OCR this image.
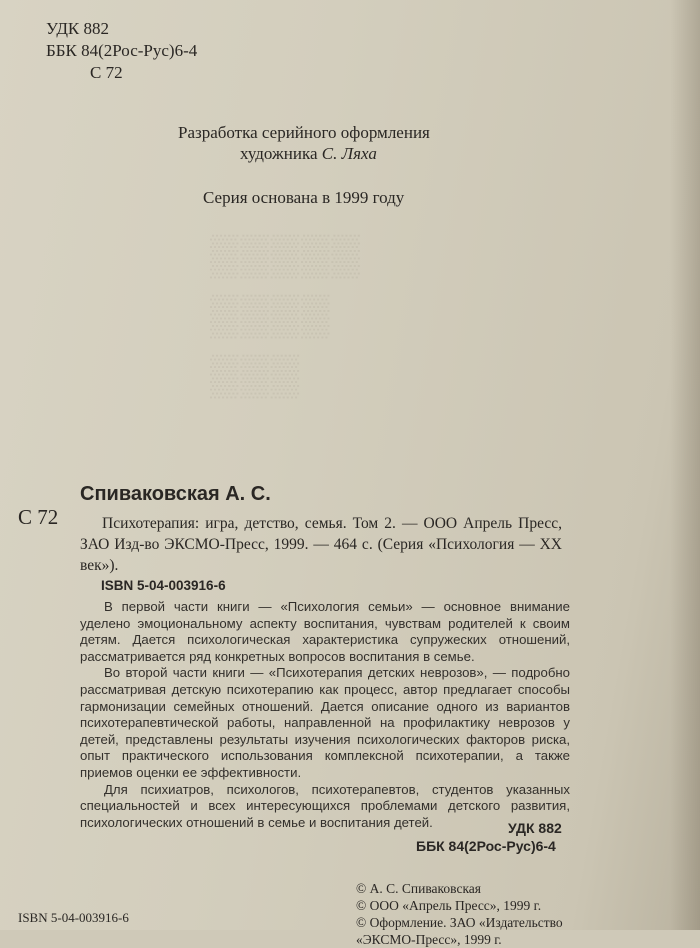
▒▒▒▒▒
▒▒▒▒
▒▒▒
УДК 882
ББК 84(2Рос-Рус)6-4
С 72
Разработка серийного оформления
художника С. Ляха
Серия основана в 1999 году
С 72
Спиваковская А. С.

Психотерапия: игра, детство, семья. Том 2. — ООО Апрель Пресс, ЗАО Изд-во ЭКСМО-Пресс, 1999. — 464 с. (Серия «Психология — XX век»).

ISBN 5-04-003916-6

В первой части книги — «Психология семьи» — основное внимание уделено эмоциональному аспекту воспитания, чувствам родителей к своим детям. Дается психологическая характеристика супружеских отношений, рассматривается ряд конкретных вопросов воспитания в семье.

Во второй части книги — «Психотерапия детских неврозов», — подробно рассматривая детскую психотерапию как процесс, автор предлагает способы гармонизации семейных отношений. Дается описание одного из вариантов психотерапевтической работы, направленной на профилактику неврозов у детей, представлены результаты изучения психологических факторов риска, опыт практического использования комплексной психотерапии, а также приемов оценки ее эффективности.

Для психиатров, психологов, психотерапевтов, студентов указанных специальностей и всех интересующихся проблемами детского развития, психологических отношений в семье и воспитания детей.	УДК 882
ББК 84(2Рос-Рус)6-4
© А. С. Спиваковская
© ООО «Апрель Пресс», 1999 г.
© Оформление. ЗАО «Издательство
«ЭКСМО-Пресс», 1999 г.
ISBN 5-04-003916-6
